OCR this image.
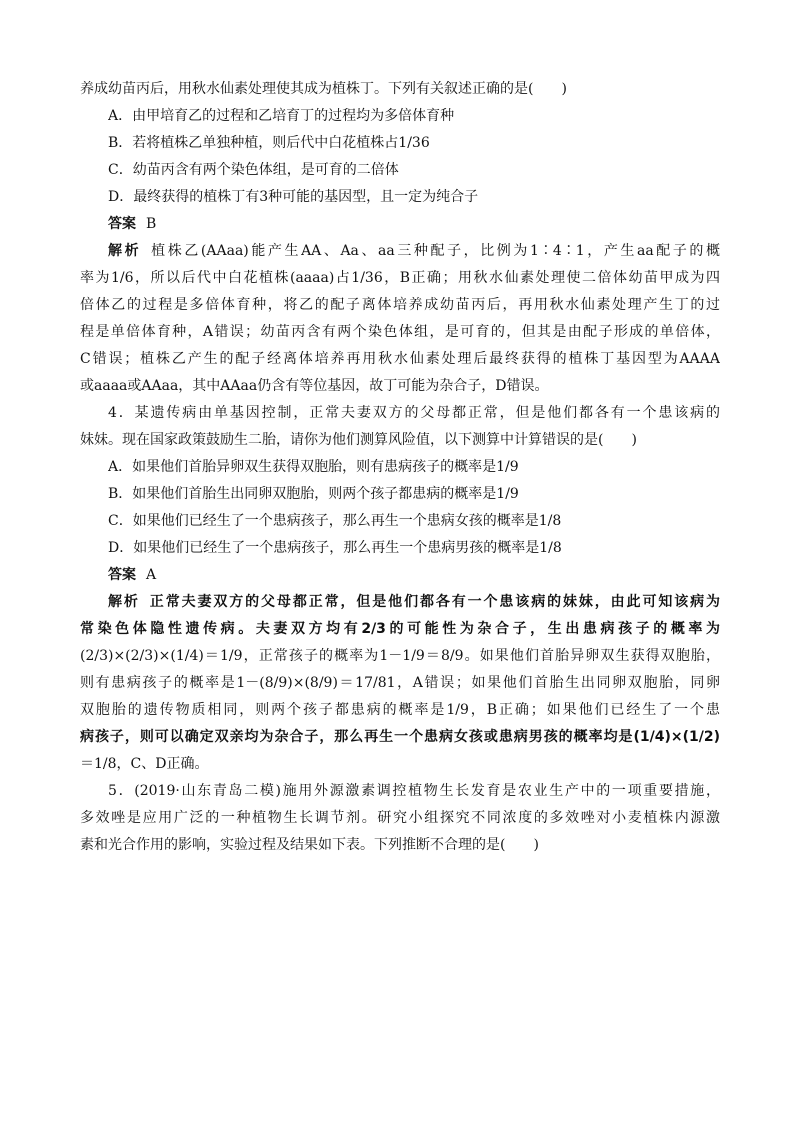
养成幼苗丙后，用秋水仙素处理使其成为植株丁。下列有关叙述正确的是(　　)
A．由甲培育乙的过程和乙培育丁的过程均为多倍体育种
B．若将植株乙单独种植，则后代中白花植株占1/36
C．幼苗丙含有两个染色体组，是可育的二倍体
D．最终获得的植株丁有3种可能的基因型，且一定为纯合子
答案 B
解析 植株乙(AAaa)能产生AA、Aa、aa三种配子，比例为1∶4∶1，产生aa配子的概
率为1/6，所以后代中白花植株(aaaa)占1/36，B正确；用秋水仙素处理使二倍体幼苗甲成为四
倍体乙的过程是多倍体育种，将乙的配子离体培养成幼苗丙后，再用秋水仙素处理产生丁的过
程是单倍体育种，A错误；幼苗丙含有两个染色体组，是可育的，但其是由配子形成的单倍体，
C错误；植株乙产生的配子经离体培养再用秋水仙素处理后最终获得的植株丁基因型为AAAA
或aaaa或AAaa，其中AAaa仍含有等位基因，故丁可能为杂合子，D错误。
4．某遗传病由单基因控制，正常夫妻双方的父母都正常，但是他们都各有一个患该病的
妹妹。现在国家政策鼓励生二胎，请你为他们测算风险值，以下测算中计算错误的是(　　)
A．如果他们首胎异卵双生获得双胞胎，则有患病孩子的概率是1/9
B．如果他们首胎生出同卵双胞胎，则两个孩子都患病的概率是1/9
C．如果他们已经生了一个患病孩子，那么再生一个患病女孩的概率是1/8
D．如果他们已经生了一个患病孩子，那么再生一个患病男孩的概率是1/8
答案 A
解析 正常夫妻双方的父母都正常，但是他们都各有一个患该病的妹妹，由此可知该病为
常染色体隐性遗传病。夫妻双方均有2/3的可能性为杂合子，生出患病孩子的概率为
(2/3)×(2/3)×(1/4)＝1/9，正常孩子的概率为1－1/9＝8/9。如果他们首胎异卵双生获得双胞胎，
则有患病孩子的概率是1－(8/9)×(8/9)＝17/81，A错误；如果他们首胎生出同卵双胞胎，同卵
双胞胎的遗传物质相同，则两个孩子都患病的概率是1/9，B正确；如果他们已经生了一个患
病孩子，则可以确定双亲均为杂合子，那么再生一个患病女孩或患病男孩的概率均是(1/4)×(1/2)
＝1/8，C、D正确。
5．(2019·山东青岛二模)施用外源激素调控植物生长发育是农业生产中的一项重要措施，
多效唑是应用广泛的一种植物生长调节剂。研究小组探究不同浓度的多效唑对小麦植株内源激
素和光合作用的影响，实验过程及结果如下表。下列推断不合理的是(　　)
